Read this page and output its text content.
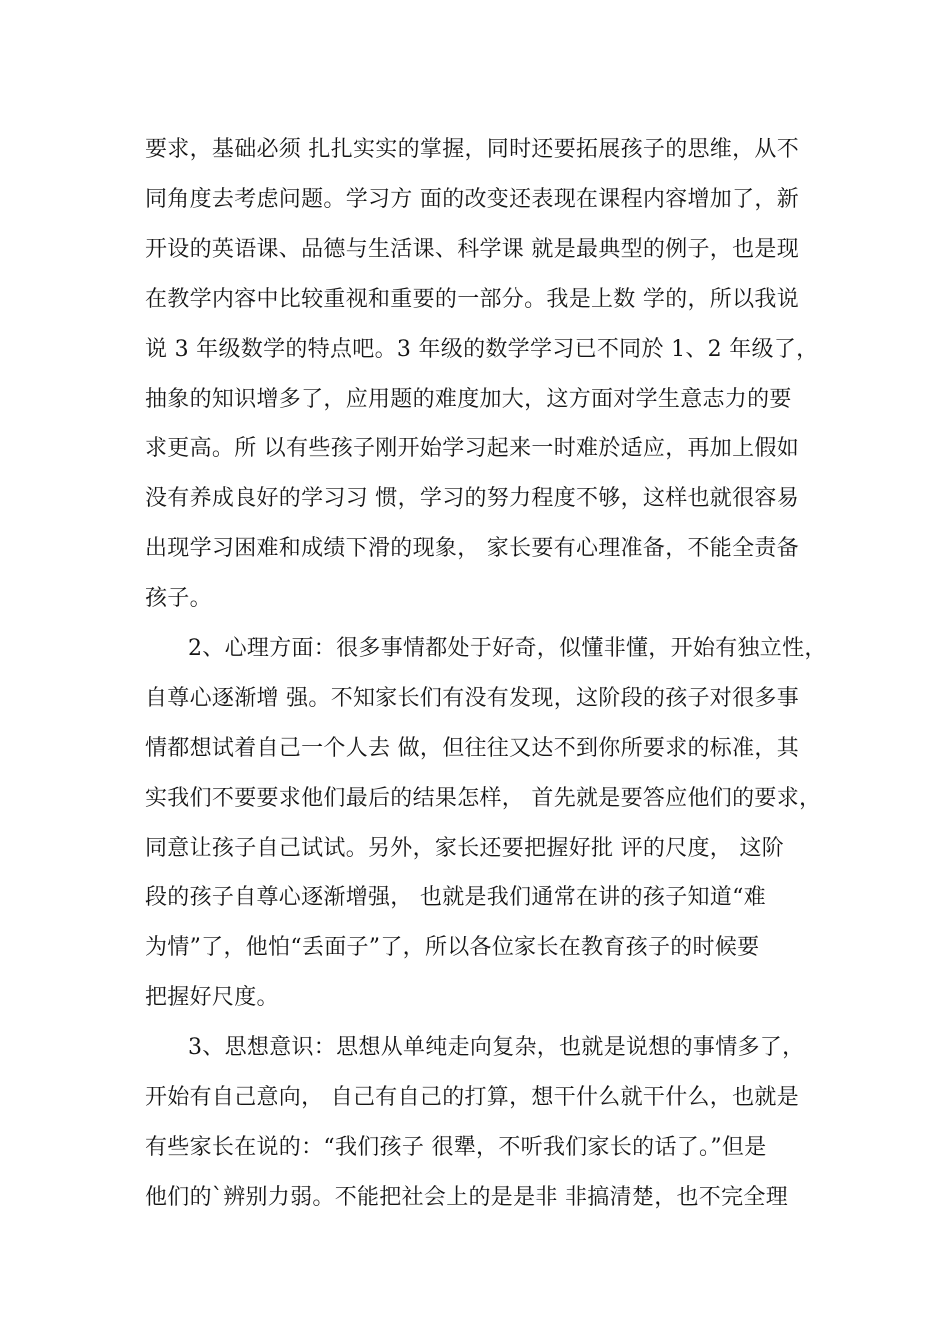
要求，基础必须 扎扎实实的掌握，同时还要拓展孩子的思维，从不
同角度去考虑问题。学习方 面的改变还表现在课程内容增加了，新
开设的英语课、品德与生活课、科学课 就是最典型的例子，也是现
在教学内容中比较重视和重要的一部分。我是上数 学的，所以我说
说 3 年级数学的特点吧。3 年级的数学学习已不同於 1、2 年级了，
抽象的知识增多了，应用题的难度加大，这方面对学生意志力的要
求更高。所 以有些孩子刚开始学习起来一时难於适应，再加上假如
没有养成良好的学习习 惯，学习的努力程度不够，这样也就很容易
出现学习困难和成绩下滑的现象， 家长要有心理准备，不能全责备
孩子。
2、心理方面：很多事情都处于好奇，似懂非懂，开始有独立性，
自尊心逐渐增 强。不知家长们有没有发现，这阶段的孩子对很多事
情都想试着自己一个人去 做，但往往又达不到你所要求的标准，其
实我们不要要求他们最后的结果怎样， 首先就是要答应他们的要求，
同意让孩子自己试试。另外，家长还要把握好批 评的尺度， 这阶
段的孩子自尊心逐渐增强， 也就是我们通常在讲的孩子知道“难
为情”了，他怕“丢面子”了，所以各位家长在教育孩子的时候要
把握好尺度。
3、思想意识：思想从单纯走向复杂，也就是说想的事情多了，
开始有自己意向， 自己有自己的打算，想干什么就干什么，也就是
有些家长在说的：“我们孩子 很犟，不听我们家长的话了。”但是
他们的`辨别力弱。不能把社会上的是是非 非搞清楚，也不完全理
